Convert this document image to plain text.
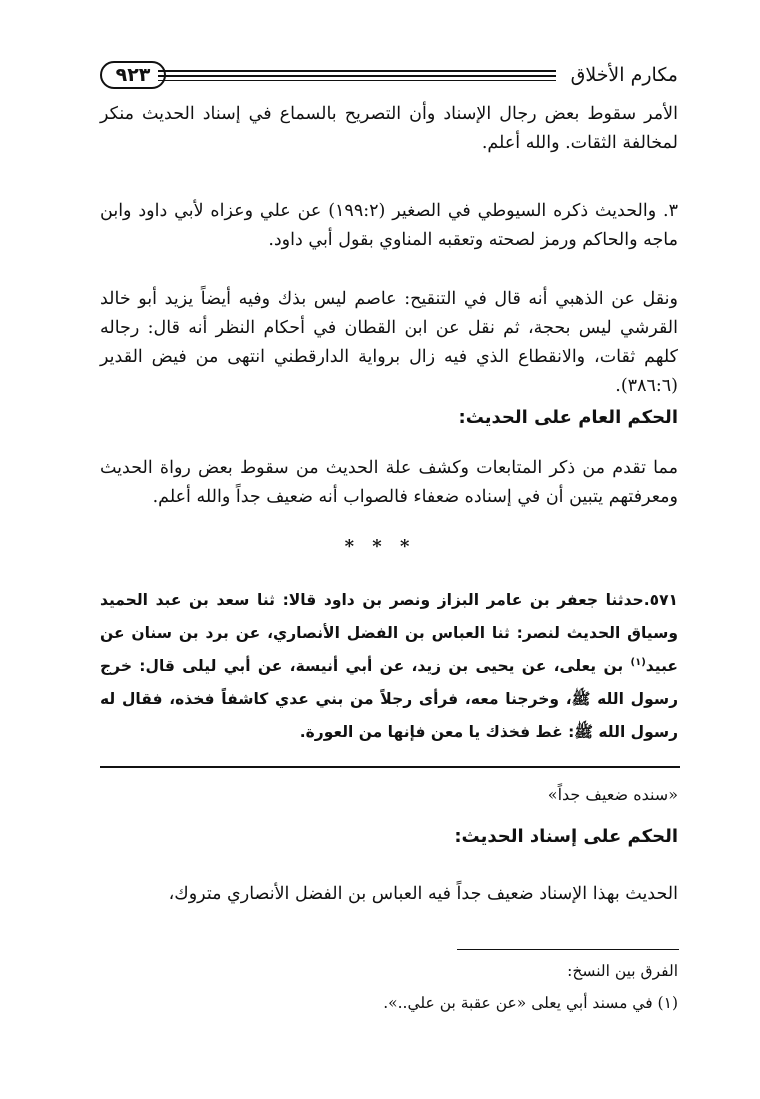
مكارم الأخلاق
٩٢٣
الأمر سقوط بعض رجال الإسناد وأن التصريح بالسماع في إسناد الحديث منكر لمخالفة الثقات. والله أعلم.
٣. والحديث ذكره السيوطي في الصغير (١٩٩:٢) عن علي وعزاه لأبي داود وابن ماجه والحاكم ورمز لصحته وتعقبه المناوي بقول أبي داود.
ونقل عن الذهبي أنه قال في التنقيح: عاصم ليس بذك وفيه أيضاً يزيد أبو خالد القرشي ليس بحجة، ثم نقل عن ابن القطان في أحكام النظر أنه قال: رجاله كلهم ثقات، والانقطاع الذي فيه زال برواية الدارقطني انتهى من فيض القدير (٣٨٦:٦).
الحكم العام على الحديث:
مما تقدم من ذكر المتابعات وكشف علة الحديث من سقوط بعض رواة الحديث ومعرفتهم يتبين أن في إسناده ضعفاء فالصواب أنه ضعيف جداً والله أعلم.
* * *
٥٧١.حدثنا جعفر بن عامر البزاز ونصر بن داود قالا: ثنا سعد بن عبد الحميد وسياق الحديث لنصر: ثنا العباس بن الفضل الأنصاري، عن برد بن سنان عن عبيد$^{(١)}$ بن يعلى، عن يحيى بن زيد، عن أبي أنيسة، عن أبي ليلى قال: خرج رسول الله ﷺ، وخرجنا معه، فرأى رجلاً من بني عدي كاشفاً فخذه، فقال له رسول الله ﷺ: غط فخذك يا معن فإنها من العورة.
«سنده ضعيف جداً»
الحكم على إسناد الحديث:
الحديث بهذا الإسناد ضعيف جداً فيه العباس بن الفضل الأنصاري متروك،
الفرق بين النسخ:
(١) في مسند أبي يعلى «عن عقبة بن علي..».
